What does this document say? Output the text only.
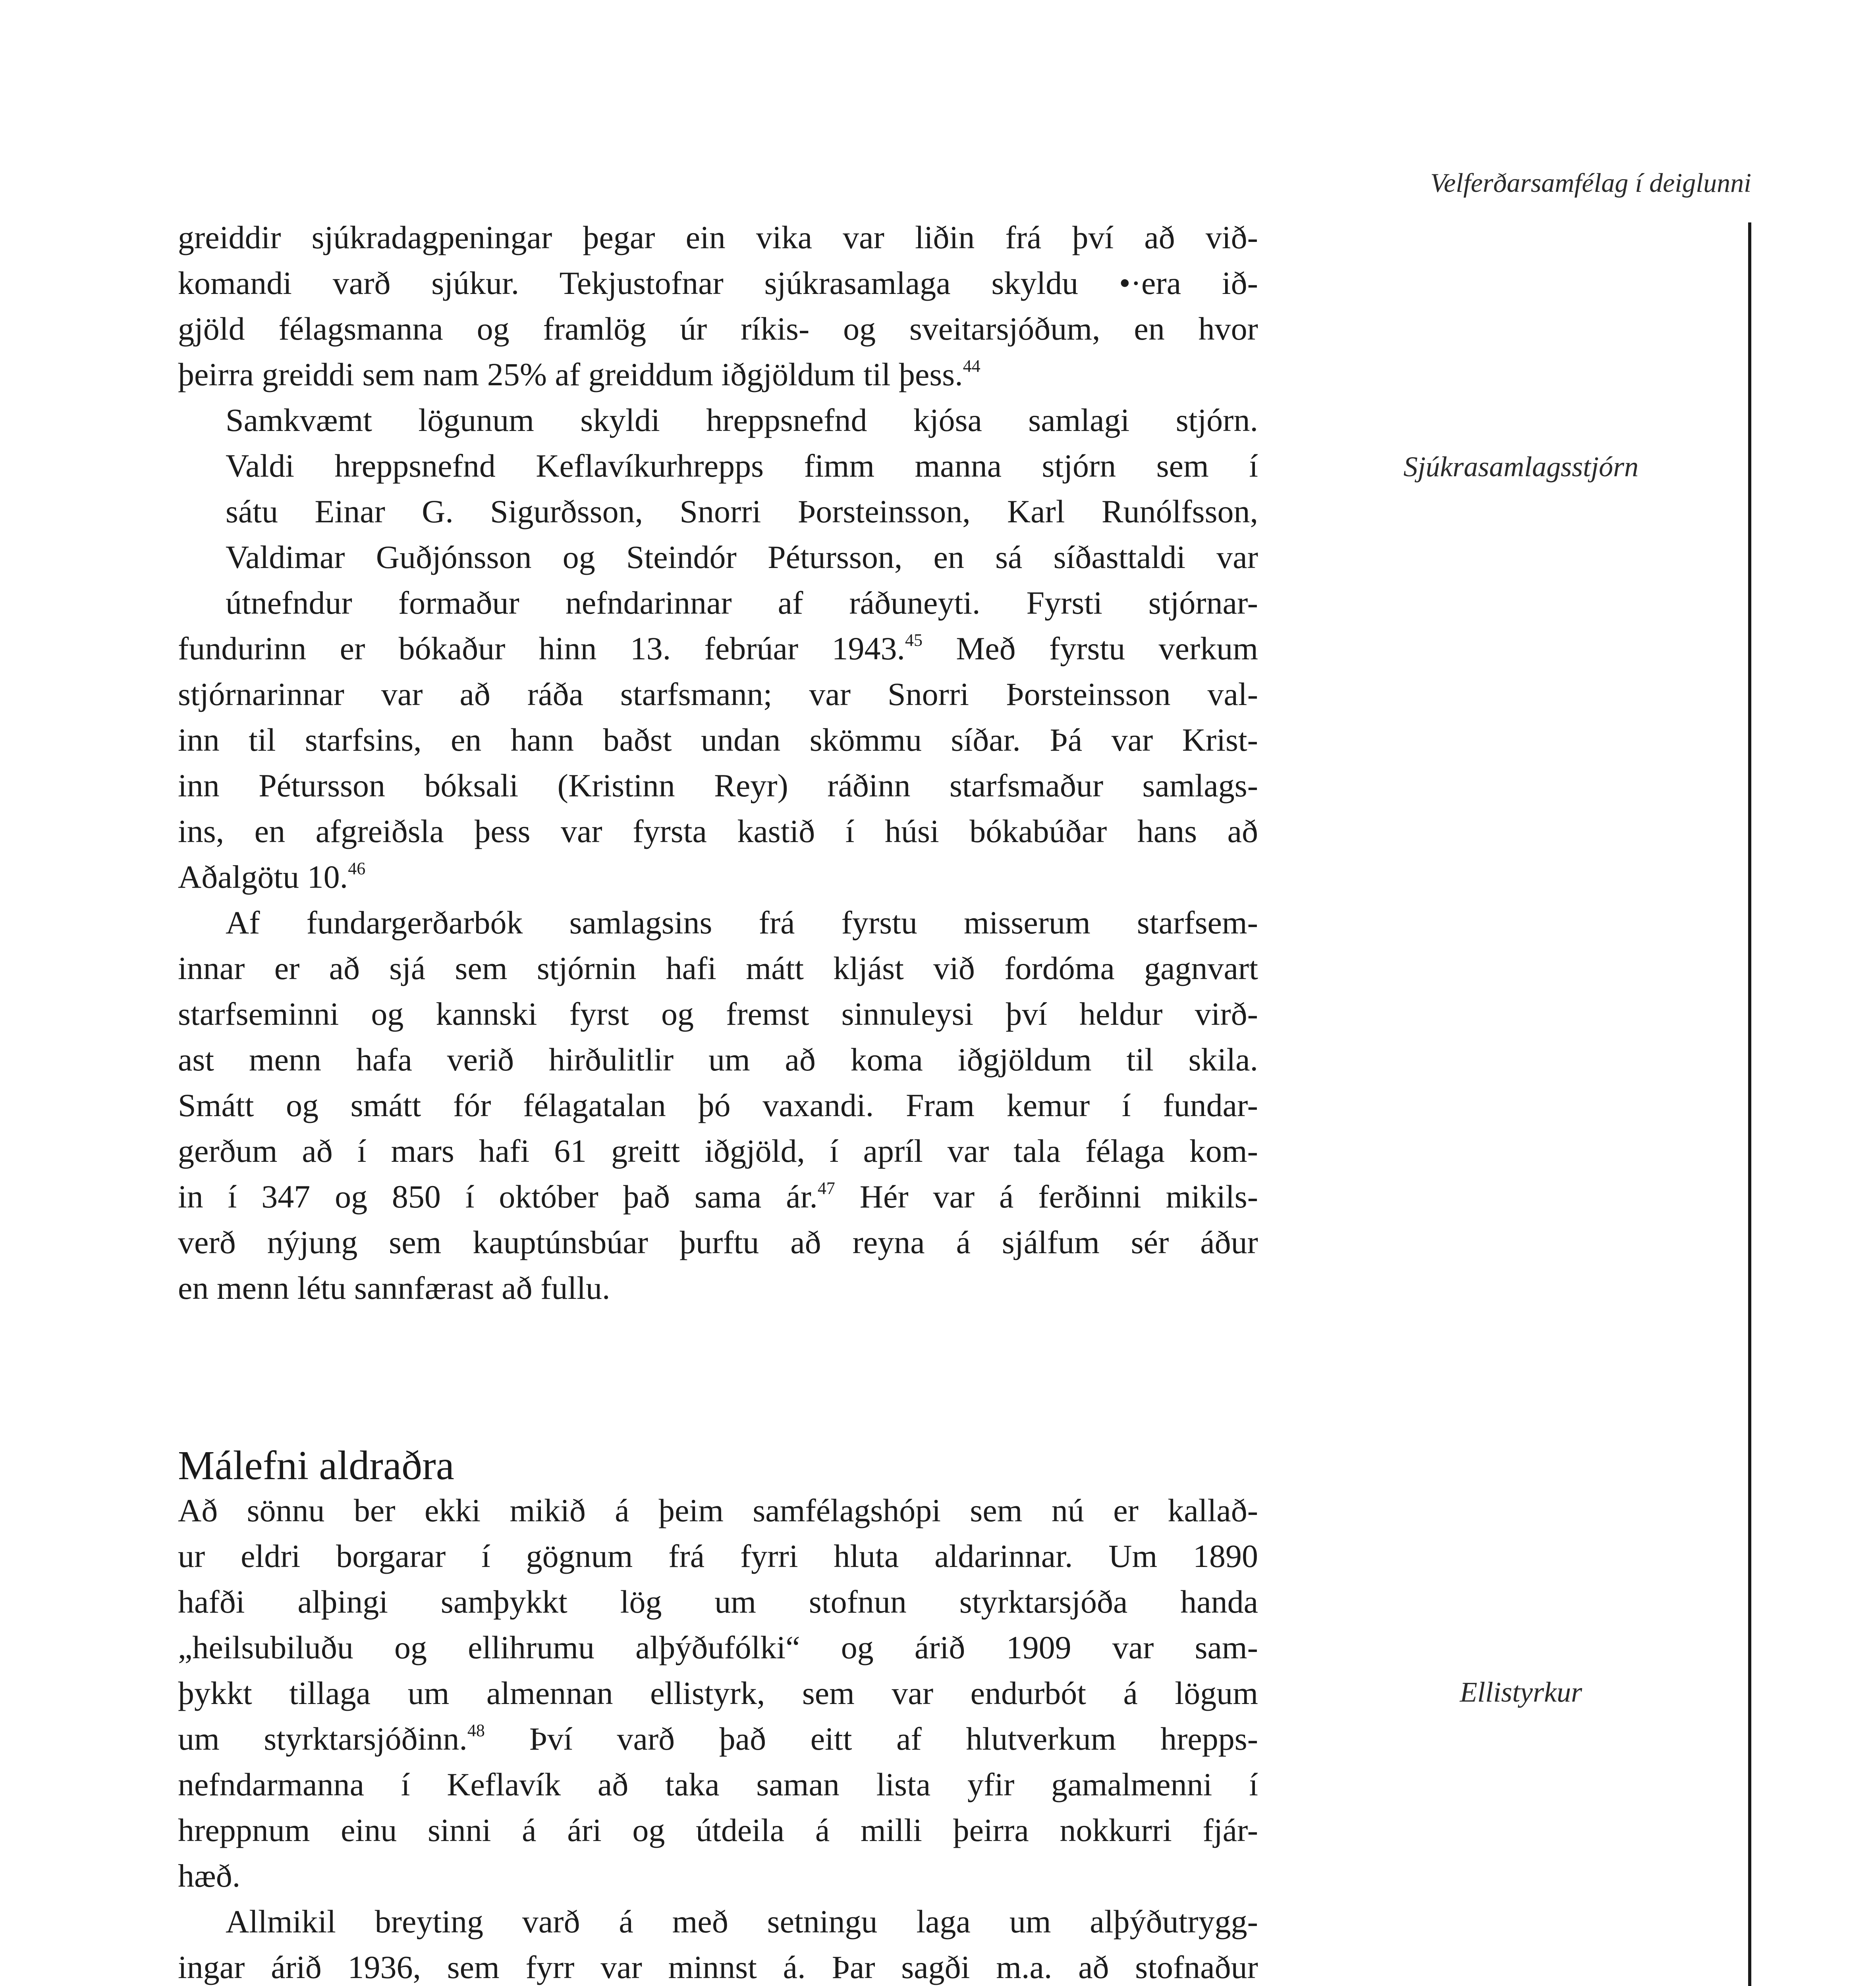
Velferðarsamfélag í deiglunni

greiddir sjúkradagpeningar þegar ein vika var liðin frá því að við-
komandi varð sjúkur. Tekjustofnar sjúkrasamlaga skyldu •·era ið-
gjöld félagsmanna og framlög úr ríkis- og sveitarsjóðum, en hvor
þeirra greiddi sem nam 25% af greiddum iðgjöldum til þess.$^{44}$

Samkvæmt lögunum skyldi hreppsnefnd kjósa samlagi stjórn.
Valdi hreppsnefnd Keflavíkurhrepps fimm manna stjórn sem í
sátu Einar G. Sigurðsson, Snorri Þorsteinsson, Karl Runólfsson,
Valdimar Guðjónsson og Steindór Pétursson, en sá síðasttaldi var
útnefndur formaður nefndarinnar af ráðuneyti. Fyrsti stjórnar-
fundurinn er bókaður hinn 13. febrúar 1943.45 Með fyrstu verkum
stjórnarinnar var að ráða starfsmann; var Snorri Þorsteinsson val-
inn til starfsins, en hann baðst undan skömmu síðar. Þá var Krist-
inn Pétursson bóksali (Kristinn Reyr) ráðinn starfsmaður samlags-
ins, en afgreiðsla þess var fyrsta kastið í húsi bókabúðar hans að
Aðalgötu 10.46

Af fundargerðarbók samlagsins frá fyrstu misserum starfsem-
innar er að sjá sem stjórnin hafi mátt kljást við fordóma gagnvart
starfseminni og kannski fyrst og fremst sinnuleysi því heldur virð-
ast menn hafa verið hirðulitlir um að koma iðgjöldum til skila.
Smátt og smátt fór félagatalan þó vaxandi. Fram kemur í fundar-
gerðum að í mars hafi 61 greitt iðgjöld, í apríl var tala félaga kom-
in í 347 og 850 í október það sama ár.$^{47}$ Hér var á ferðinni mikils-
verð nýjung sem kauptúnsbúar þurftu að reyna á sjálfum sér áður
en menn létu sannfærast að fullu.

Sjúkrasamlagsstjórn
Málefni aldraðra

Að sönnu ber ekki mikið á þeim samfélagshópi sem nú er kallað-
ur eldri borgarar í gögnum frá fyrri hluta aldarinnar. Um 1890
hafði alþingi samþykkt lög um stofnun styrktarsjóða handa
„heilsubiluðu og ellihrumu alþýðufólki“ og árið 1909 var sam-
þykkt tillaga um almennan ellistyrk, sem var endurbót á lögum
um styrktarsjóðinn.$^{48}$ Því varð það eitt af hlutverkum hrepps-
nefndarmanna í Keflavík að taka saman lista yfir gamalmenni í
hreppnum einu sinni á ári og útdeila á milli þeirra nokkurri fjár-
hæð.

Allmikil breyting varð á með setningu laga um alþýðutrygg-
ingar árið 1936, sem fyrr var minnst á. Þar sagði m.a. að stofnaður

Ellistyrkur
